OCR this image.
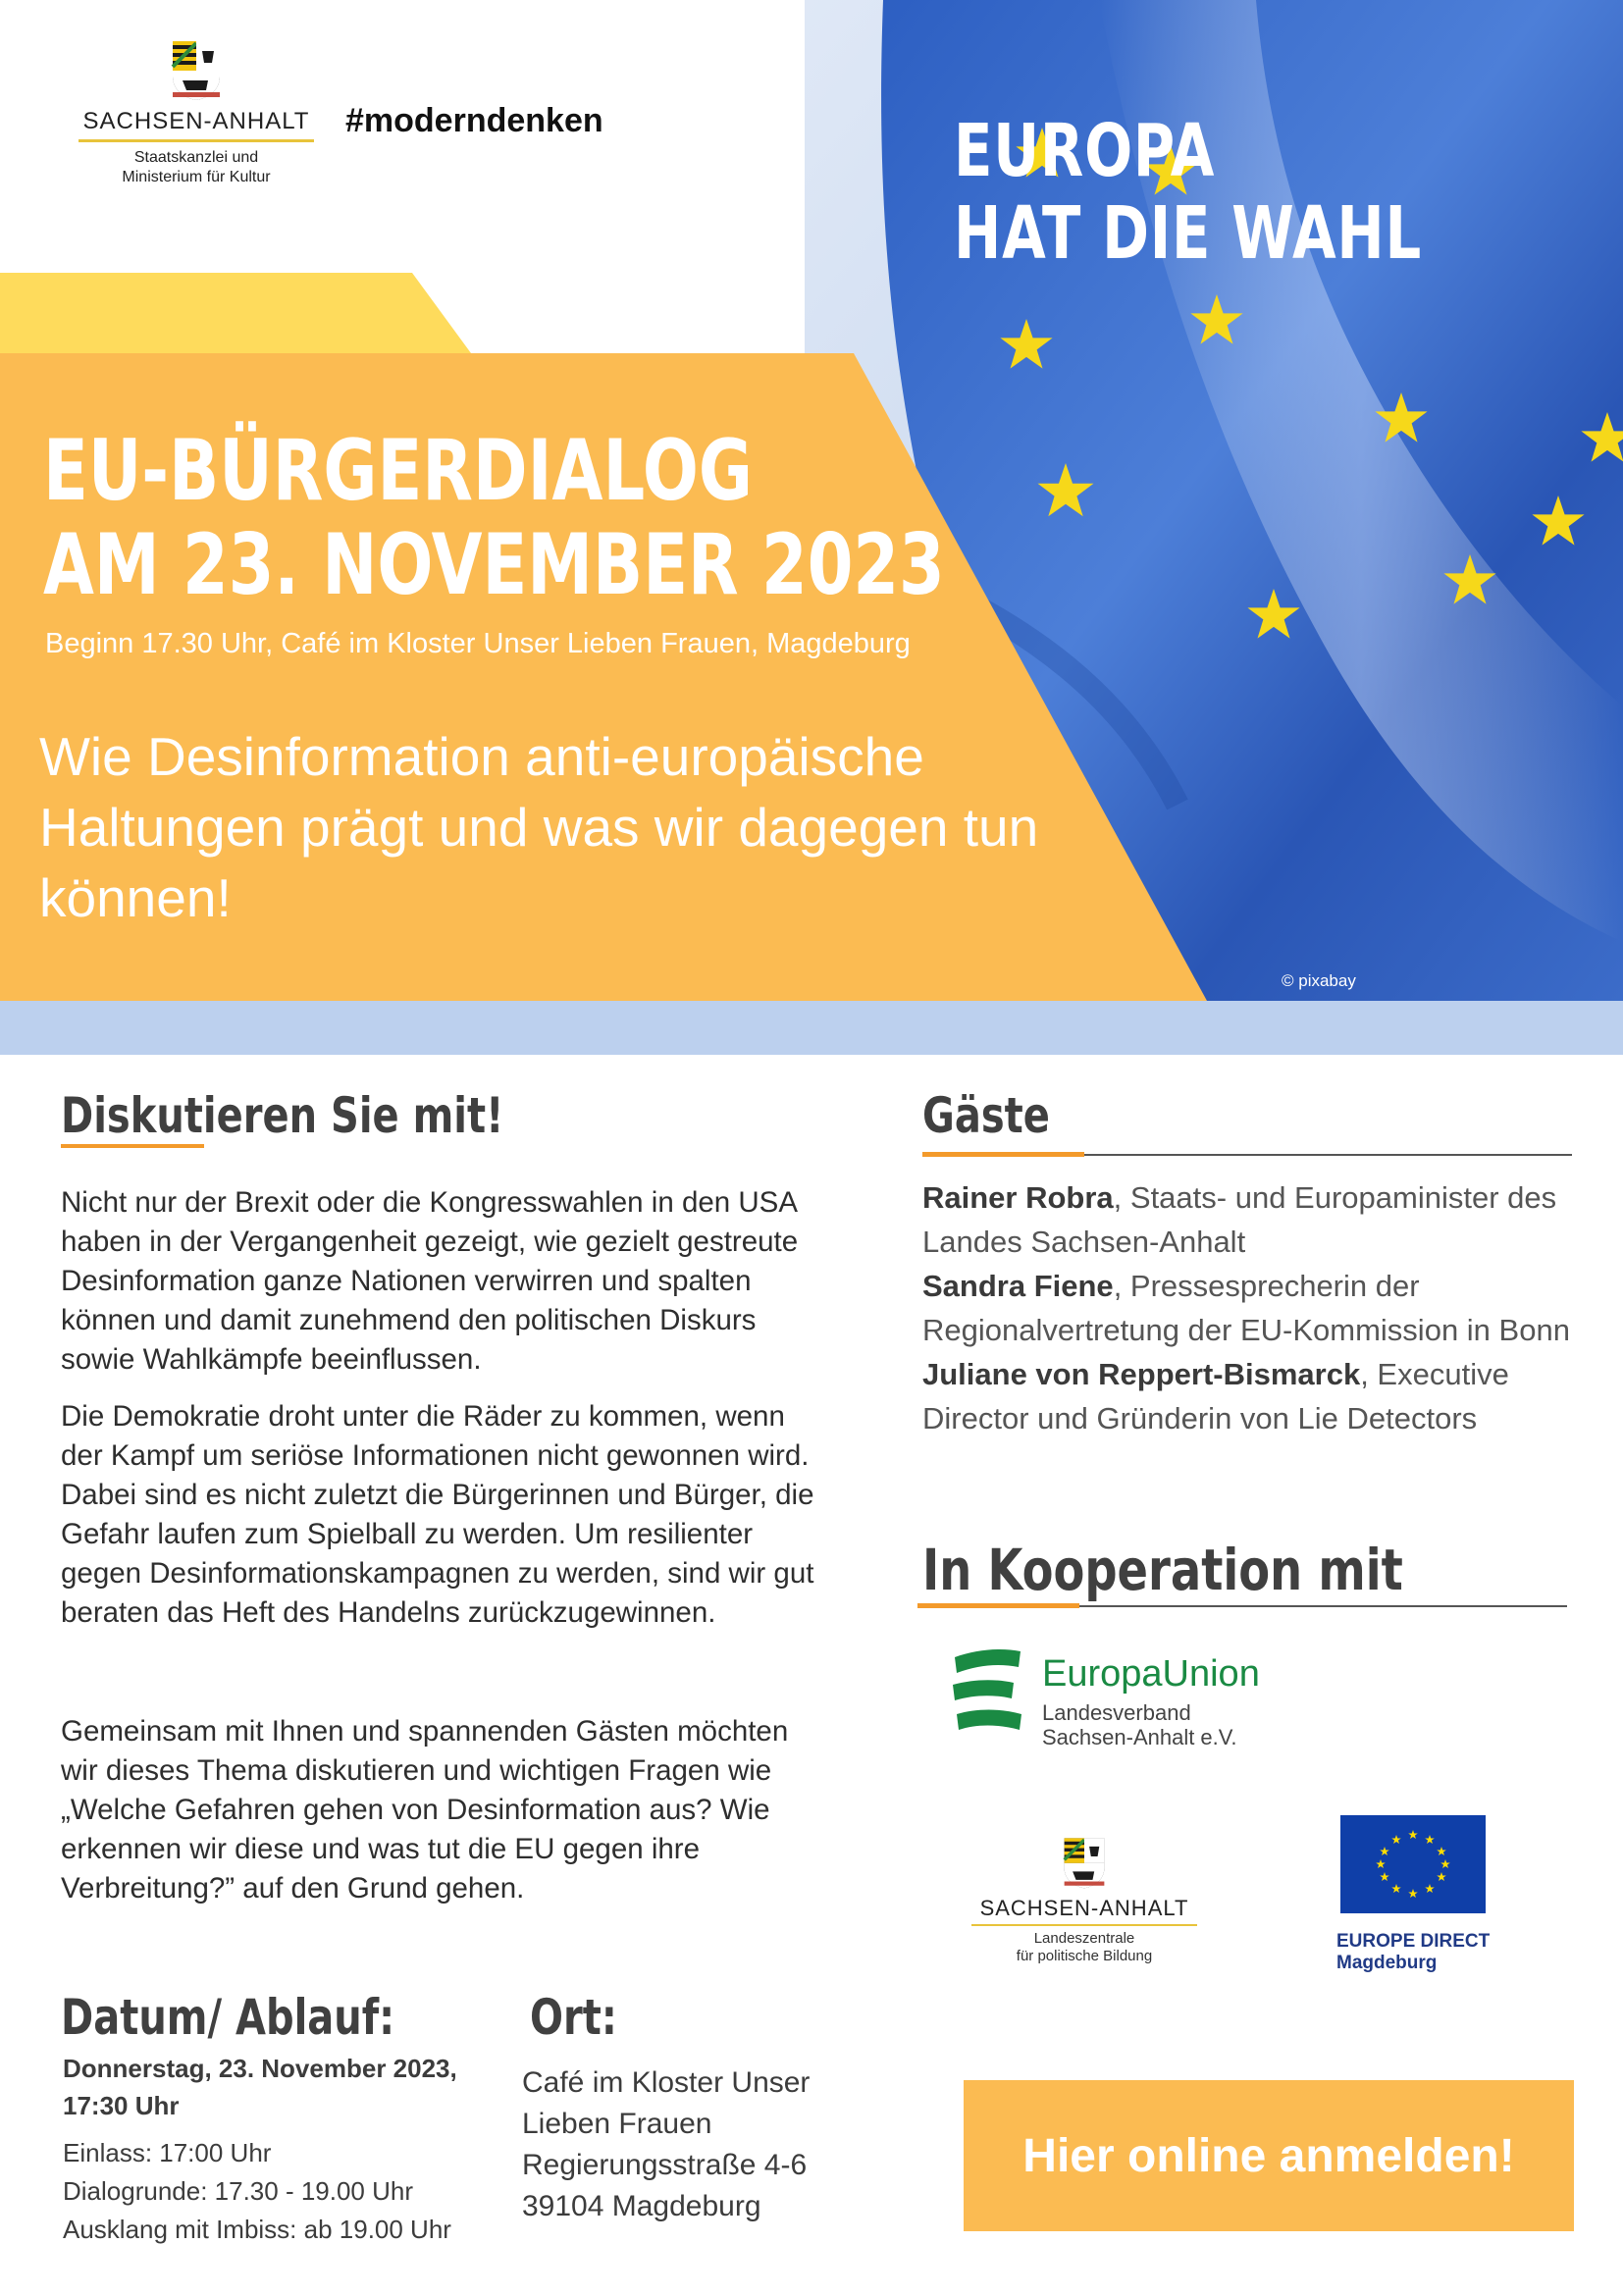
SACHSEN-ANHALT
Staatskanzlei und
Ministerium für Kultur
#moderndenken	EUROPA
HAT DIE WAHL
EU-BÜRGERDIALOG
AM 23. NOVEMBER 2023
Beginn 17.30 Uhr, Café im Kloster Unser Lieben Frauen, Magdeburg
Wie Desinformation anti-europäische Haltungen prägt und was wir dagegen tun können!
© pixabay
Diskutieren Sie mit!
Nicht nur der Brexit oder die Kongresswahlen in den USA haben in der Vergangenheit gezeigt, wie gezielt gestreute Desinformation ganze Nationen verwirren und spalten können und damit zunehmend den politischen Diskurs sowie Wahlkämpfe beeinflussen.
Die Demokratie droht unter die Räder zu kommen, wenn der Kampf um seriöse Informationen nicht gewonnen wird. Dabei sind es nicht zuletzt die Bürgerinnen und Bürger, die Gefahr laufen zum Spielball zu werden. Um resilienter gegen Desinformationskampagnen zu werden, sind wir gut beraten das Heft des Handelns zurückzugewinnen.
Gemeinsam mit Ihnen und spannenden Gästen möchten wir dieses Thema diskutieren und wichtigen Fragen wie „Welche Gefahren gehen von Desinformation aus? Wie erkennen wir diese und was tut die EU gegen ihre Verbreitung?” auf den Grund gehen.
Datum/ Ablauf:
Donnerstag, 23. November 2023, 17:30 Uhr
Einlass: 17:00 Uhr
Dialogrunde: 17.30 - 19.00 Uhr
Ausklang mit Imbiss: ab 19.00 Uhr
Ort:
Café im Kloster Unser
Lieben Frauen
Regierungsstraße 4-6
39104 Magdeburg
Gäste
Rainer Robra, Staats- und Europaminister des Landes Sachsen-Anhalt
Sandra Fiene, Pressesprecherin der Regionalvertretung der EU-Kommission in Bonn
Juliane von Reppert-Bismarck, Executive Director und Gründerin von Lie Detectors
In Kooperation mit
EuropaUnion
Landesverband
Sachsen-Anhalt e.V.
SACHSEN-ANHALT
Landeszentrale
für politische Bildung
EUROPE DIRECT
Magdeburg
Hier online anmelden!
